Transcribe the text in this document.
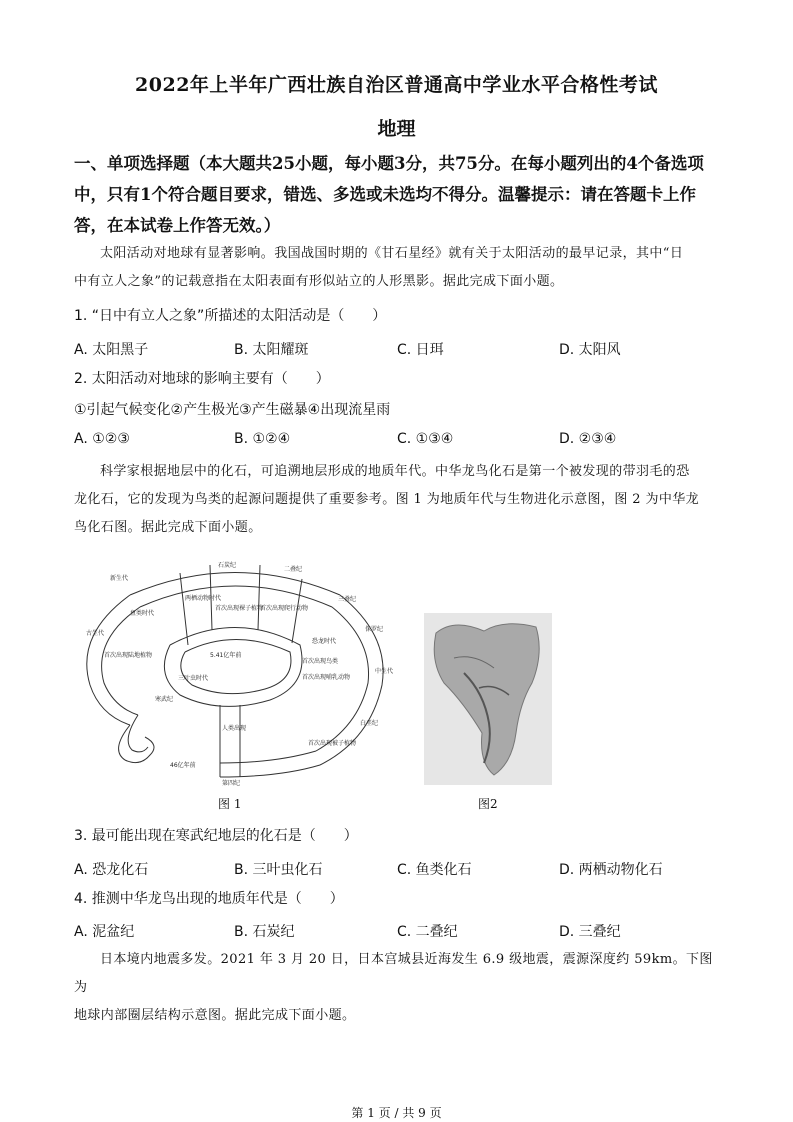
2022年上半年广西壮族自治区普通高中学业水平合格性考试
地理
一、单项选择题（本大题共25小题，每小题3分，共75分。在每小题列出的4个备选项中，只有1个符合题目要求，错选、多选或未选均不得分。温馨提示：请在答题卡上作答，在本试卷上作答无效。）
太阳活动对地球有显著影响。我国战国时期的《甘石星经》就有关于太阳活动的最早记录，其中“日
中有立人之象”的记载意指在太阳表面有形似站立的人形黑影。据此完成下面小题。
1. “日中有立人之象”所描述的太阳活动是（　　）
A. 太阳黑子	B. 太阳耀斑	C. 日珥	D. 太阳风
2. 太阳活动对地球的影响主要有（　　）
①引起气候变化②产生极光③产生磁暴④出现流星雨
A. ①②③	B. ①②④	C. ①③④	D. ②③④
科学家根据地层中的化石，可追溯地层形成的地质年代。中华龙鸟化石是第一个被发现的带羽毛的恐
龙化石，它的发现为鸟类的起源问题提供了重要参考。图 1 为地质年代与生物进化示意图，图 2 为中华龙
鸟化石图。据此完成下面小题。
石炭纪
二叠纪
三叠纪
侏罗纪
白垩纪
新生代
中生代
古生代
寒武纪
第四纪
5.41亿年前
46亿年前
三叶虫时代
恐龙时代
人类出现
鱼类时代
两栖动物时代
首次出现陆地植物
首次出现鸟类
首次出现哺乳动物
首次出现被子植物
首次出现裸子植物
首次出现爬行动物
图 1	图2
3. 最可能出现在寒武纪地层的化石是（　　）
A. 恐龙化石	B. 三叶虫化石	C. 鱼类化石	D. 两栖动物化石
4. 推测中华龙鸟出现的地质年代是（　　）
A. 泥盆纪	B. 石炭纪	C. 二叠纪	D. 三叠纪
日本境内地震多发。2021 年 3 月 20 日，日本宫城县近海发生 6.9 级地震，震源深度约 59km。下图为
地球内部圈层结构示意图。据此完成下面小题。
第 1 页 / 共 9 页
